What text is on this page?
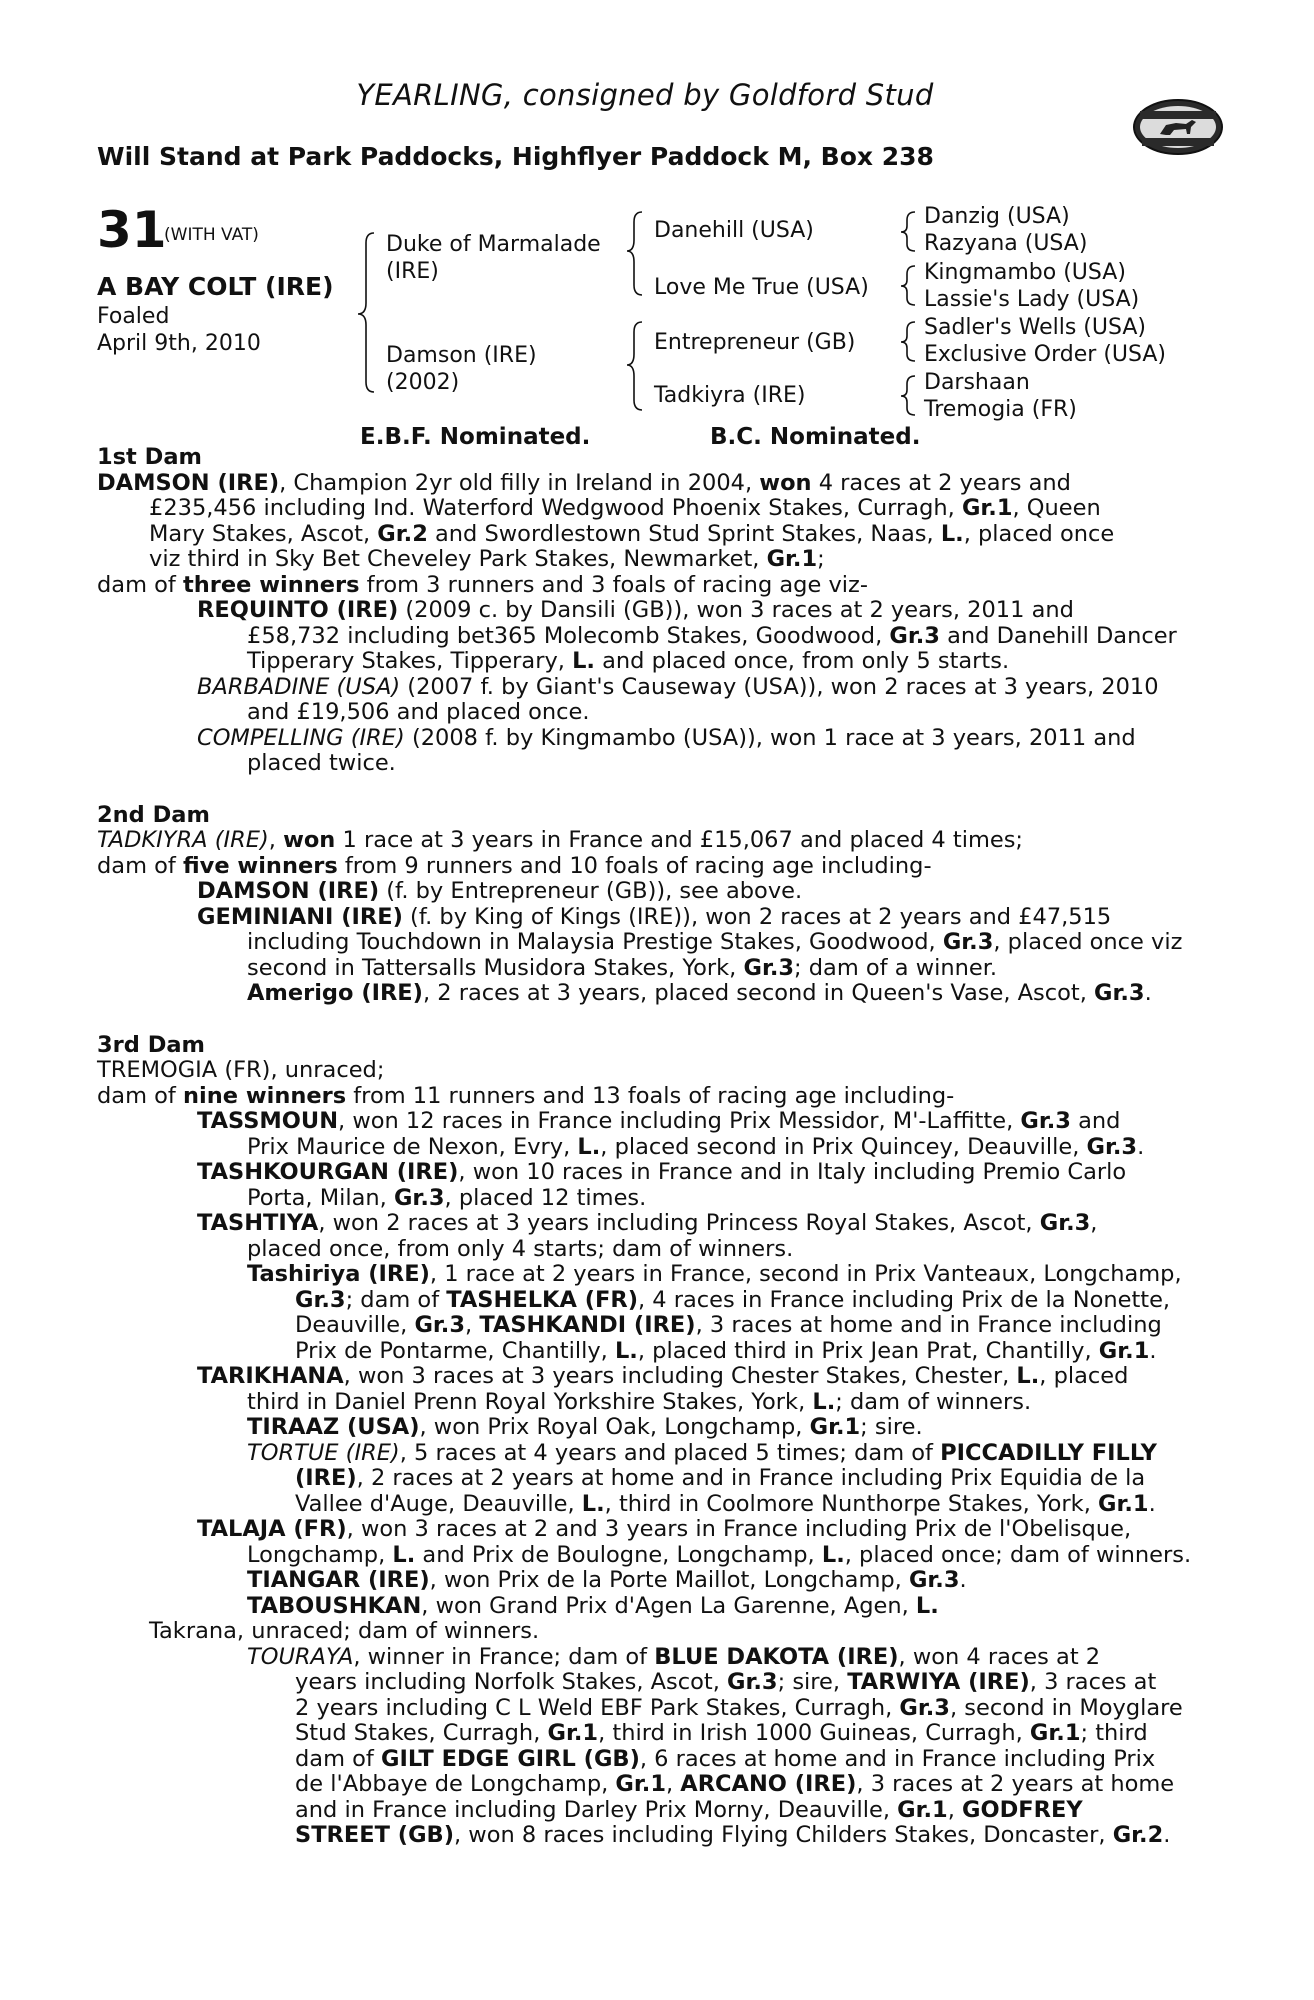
YEARLING, consigned by Goldford Stud
Will Stand at Park Paddocks, Highflyer Paddock M, Box 238
31
(WITH VAT)
A BAY COLT (IRE)
Foaled
April 9th, 2010
Duke of Marmalade
(IRE)
Damson (IRE)
(2002)
Danehill (USA)
Love Me True (USA)
Entrepreneur (GB)
Tadkiyra (IRE)
Danzig (USA)
Razyana (USA)
Kingmambo (USA)
Lassie's Lady (USA)
Sadler's Wells (USA)
Exclusive Order (USA)
Darshaan
Tremogia (FR)
E.B.F. Nominated.	B.C. Nominated.
1st Dam
DAMSON (IRE), Champion 2yr old filly in Ireland in 2004, won 4 races at 2 years and
£235,456 including Ind. Waterford Wedgwood Phoenix Stakes, Curragh, Gr.1, Queen
Mary Stakes, Ascot, Gr.2 and Swordlestown Stud Sprint Stakes, Naas, L., placed once
viz third in Sky Bet Cheveley Park Stakes, Newmarket, Gr.1;
dam of three winners from 3 runners and 3 foals of racing age viz-
REQUINTO (IRE) (2009 c. by Dansili (GB)), won 3 races at 2 years, 2011 and
£58,732 including bet365 Molecomb Stakes, Goodwood, Gr.3 and Danehill Dancer
Tipperary Stakes, Tipperary, L. and placed once, from only 5 starts.
BARBADINE (USA) (2007 f. by Giant's Causeway (USA)), won 2 races at 3 years, 2010
and £19,506 and placed once.
COMPELLING (IRE) (2008 f. by Kingmambo (USA)), won 1 race at 3 years, 2011 and
placed twice.
2nd Dam
TADKIYRA (IRE), won 1 race at 3 years in France and £15,067 and placed 4 times;
dam of five winners from 9 runners and 10 foals of racing age including-
DAMSON (IRE) (f. by Entrepreneur (GB)), see above.
GEMINIANI (IRE) (f. by King of Kings (IRE)), won 2 races at 2 years and £47,515
including Touchdown in Malaysia Prestige Stakes, Goodwood, Gr.3, placed once viz
second in Tattersalls Musidora Stakes, York, Gr.3; dam of a winner.
Amerigo (IRE), 2 races at 3 years, placed second in Queen's Vase, Ascot, Gr.3.
3rd Dam
TREMOGIA (FR), unraced;
dam of nine winners from 11 runners and 13 foals of racing age including-
TASSMOUN, won 12 races in France including Prix Messidor, M'-Laffitte, Gr.3 and
Prix Maurice de Nexon, Evry, L., placed second in Prix Quincey, Deauville, Gr.3.
TASHKOURGAN (IRE), won 10 races in France and in Italy including Premio Carlo
Porta, Milan, Gr.3, placed 12 times.
TASHTIYA, won 2 races at 3 years including Princess Royal Stakes, Ascot, Gr.3,
placed once, from only 4 starts; dam of winners.
Tashiriya (IRE), 1 race at 2 years in France, second in Prix Vanteaux, Longchamp,
Gr.3; dam of TASHELKA (FR), 4 races in France including Prix de la Nonette,
Deauville, Gr.3, TASHKANDI (IRE), 3 races at home and in France including
Prix de Pontarme, Chantilly, L., placed third in Prix Jean Prat, Chantilly, Gr.1.
TARIKHANA, won 3 races at 3 years including Chester Stakes, Chester, L., placed
third in Daniel Prenn Royal Yorkshire Stakes, York, L.; dam of winners.
TIRAAZ (USA), won Prix Royal Oak, Longchamp, Gr.1; sire.
TORTUE (IRE), 5 races at 4 years and placed 5 times; dam of PICCADILLY FILLY
(IRE), 2 races at 2 years at home and in France including Prix Equidia de la
Vallee d'Auge, Deauville, L., third in Coolmore Nunthorpe Stakes, York, Gr.1.
TALAJA (FR), won 3 races at 2 and 3 years in France including Prix de l'Obelisque,
Longchamp, L. and Prix de Boulogne, Longchamp, L., placed once; dam of winners.
TIANGAR (IRE), won Prix de la Porte Maillot, Longchamp, Gr.3.
TABOUSHKAN, won Grand Prix d'Agen La Garenne, Agen, L.
Takrana, unraced; dam of winners.
TOURAYA, winner in France; dam of BLUE DAKOTA (IRE), won 4 races at 2
years including Norfolk Stakes, Ascot, Gr.3; sire, TARWIYA (IRE), 3 races at
2 years including C L Weld EBF Park Stakes, Curragh, Gr.3, second in Moyglare
Stud Stakes, Curragh, Gr.1, third in Irish 1000 Guineas, Curragh, Gr.1; third
dam of GILT EDGE GIRL (GB), 6 races at home and in France including Prix
de l'Abbaye de Longchamp, Gr.1, ARCANO (IRE), 3 races at 2 years at home
and in France including Darley Prix Morny, Deauville, Gr.1, GODFREY
STREET (GB), won 8 races including Flying Childers Stakes, Doncaster, Gr.2.
